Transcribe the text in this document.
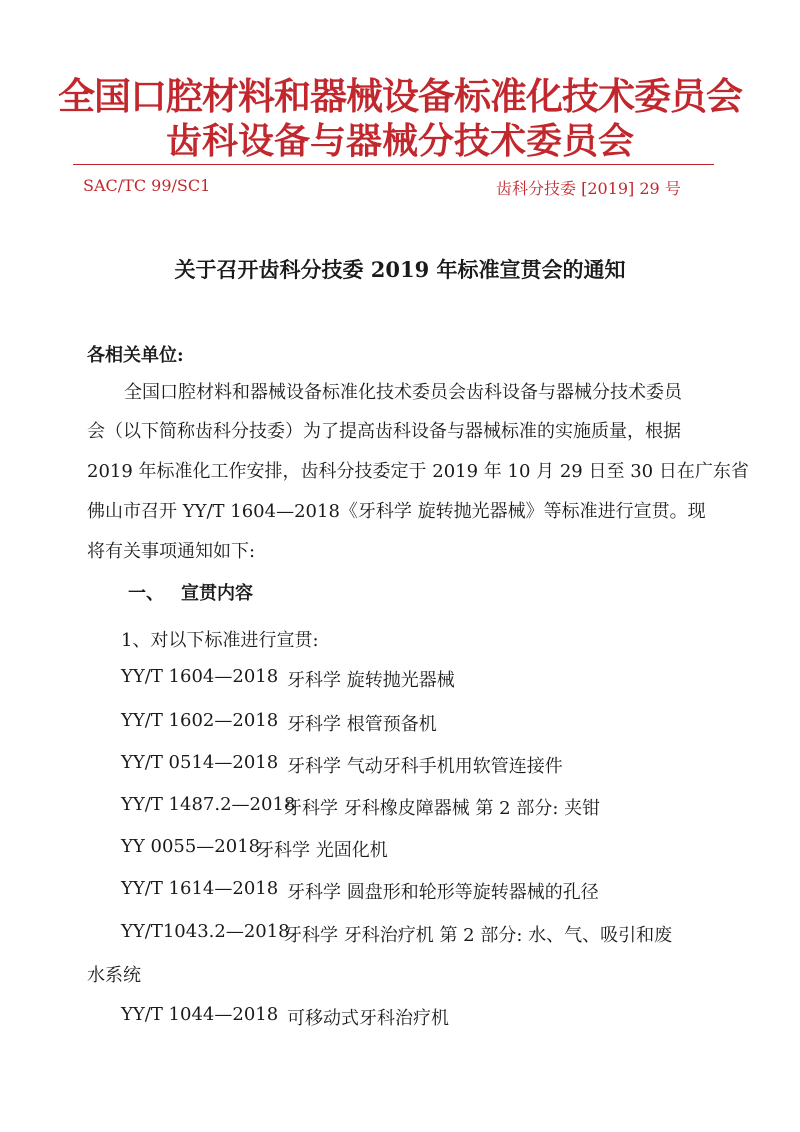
全国口腔材料和器械设备标准化技术委员会
齿科设备与器械分技术委员会
SAC/TC 99/SC1	齿科分技委 [2019] 29 号
关于召开齿科分技委 2019 年标准宣贯会的通知
各相关单位:
全国口腔材料和器械设备标准化技术委员会齿科设备与器械分技术委员
会（以下简称齿科分技委）为了提高齿科设备与器械标准的实施质量，根据
2019 年标准化工作安排，齿科分技委定于 2019 年 10 月 29 日至 30 日在广东省
佛山市召开 YY/T 1604—2018《牙科学 旋转抛光器械》等标准进行宣贯。现
将有关事项通知如下:
一、 宣贯内容
1、对以下标准进行宣贯:
YY/T 1604—2018 牙科学 旋转抛光器械
YY/T 1602—2018 牙科学 根管预备机
YY/T 0514—2018 牙科学 气动牙科手机用软管连接件
YY/T 1487.2—2018
牙科学 牙科橡皮障器械 第 2 部分: 夹钳
YY 0055—2018
牙科学 光固化机
YY/T 1614—2018 牙科学 圆盘形和轮形等旋转器械的孔径
YY/T1043.2—2018
牙科学 牙科治疗机 第 2 部分: 水、气、吸引和废
水系统
YY/T 1044—2018 可移动式牙科治疗机
